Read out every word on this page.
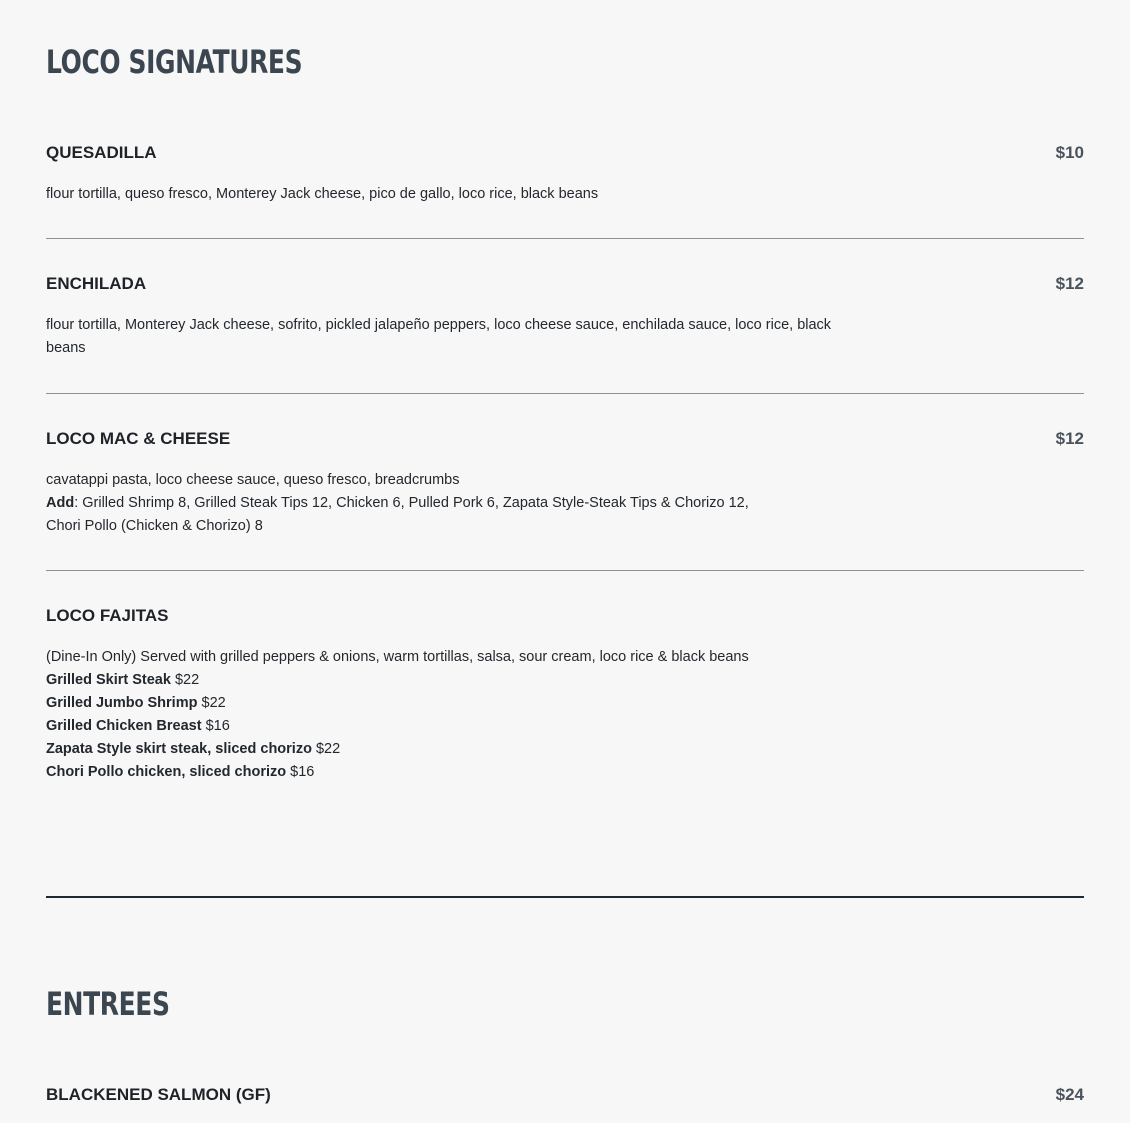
LOCO SIGNATURES
QUESADILLA	$10
flour tortilla, queso fresco, Monterey Jack cheese, pico de gallo, loco rice, black beans
ENCHILADA	$12
flour tortilla, Monterey Jack cheese, sofrito, pickled jalapeño peppers, loco cheese sauce, enchilada sauce, loco rice, black
beans
LOCO MAC & CHEESE	$12
cavatappi pasta, loco cheese sauce, queso fresco, breadcrumbs
Add: Grilled Shrimp 8, Grilled Steak Tips 12, Chicken 6, Pulled Pork 6, Zapata Style-Steak Tips & Chorizo 12,
Chori Pollo (Chicken & Chorizo) 8
LOCO FAJITAS
(Dine-In Only) Served with grilled peppers & onions, warm tortillas, salsa, sour cream, loco rice & black beans
Grilled Skirt Steak $22
Grilled Jumbo Shrimp $22
Grilled Chicken Breast $16
Zapata Style skirt steak, sliced chorizo $22
Chori Pollo chicken, sliced chorizo $16
ENTREES
BLACKENED SALMON (GF)	$24
